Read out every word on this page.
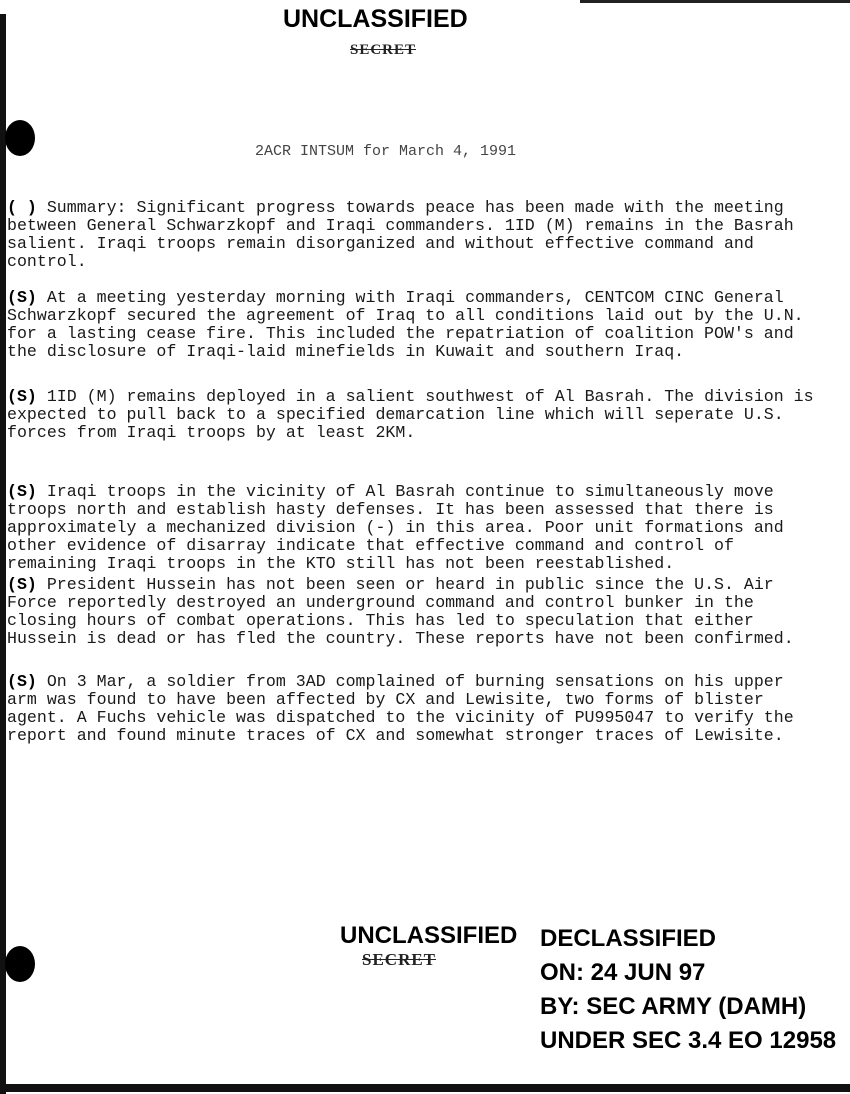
UNCLASSIFIED
SECRET
2ACR INTSUM for March 4, 1991
( ) Summary: Significant progress towards peace has been made with the meeting between General Schwarzkopf and Iraqi commanders. 1ID (M) remains in the Basrah salient. Iraqi troops remain disorganized and without effective command and control.
(S) At a meeting yesterday morning with Iraqi commanders, CENTCOM CINC General Schwarzkopf secured the agreement of Iraq to all conditions laid out by the U.N. for a lasting cease fire. This included the repatriation of coalition POW's and the disclosure of Iraqi-laid minefields in Kuwait and southern Iraq.
(S) 1ID (M) remains deployed in a salient southwest of Al Basrah. The division is expected to pull back to a specified demarcation line which will seperate U.S. forces from Iraqi troops by at least 2KM.
(S) Iraqi troops in the vicinity of Al Basrah continue to simultaneously move troops north and establish hasty defenses. It has been assessed that there is approximately a mechanized division (-) in this area. Poor unit formations and other evidence of disarray indicate that effective command and control of remaining Iraqi troops in the KTO still has not been reestablished.
(S) President Hussein has not been seen or heard in public since the U.S. Air Force reportedly destroyed an underground command and control bunker in the closing hours of combat operations. This has led to speculation that either Hussein is dead or has fled the country. These reports have not been confirmed.
(S) On 3 Mar, a soldier from 3AD complained of burning sensations on his upper arm was found to have been affected by CX and Lewisite, two forms of blister agent. A Fuchs vehicle was dispatched to the vicinity of PU995047 to verify the report and found minute traces of CX and somewhat stronger traces of Lewisite.
UNCLASSIFIED
SECRET
DECLASSIFIED
ON: 24 JUN 97
BY: SEC ARMY (DAMH)
UNDER SEC 3.4 EO 12958
